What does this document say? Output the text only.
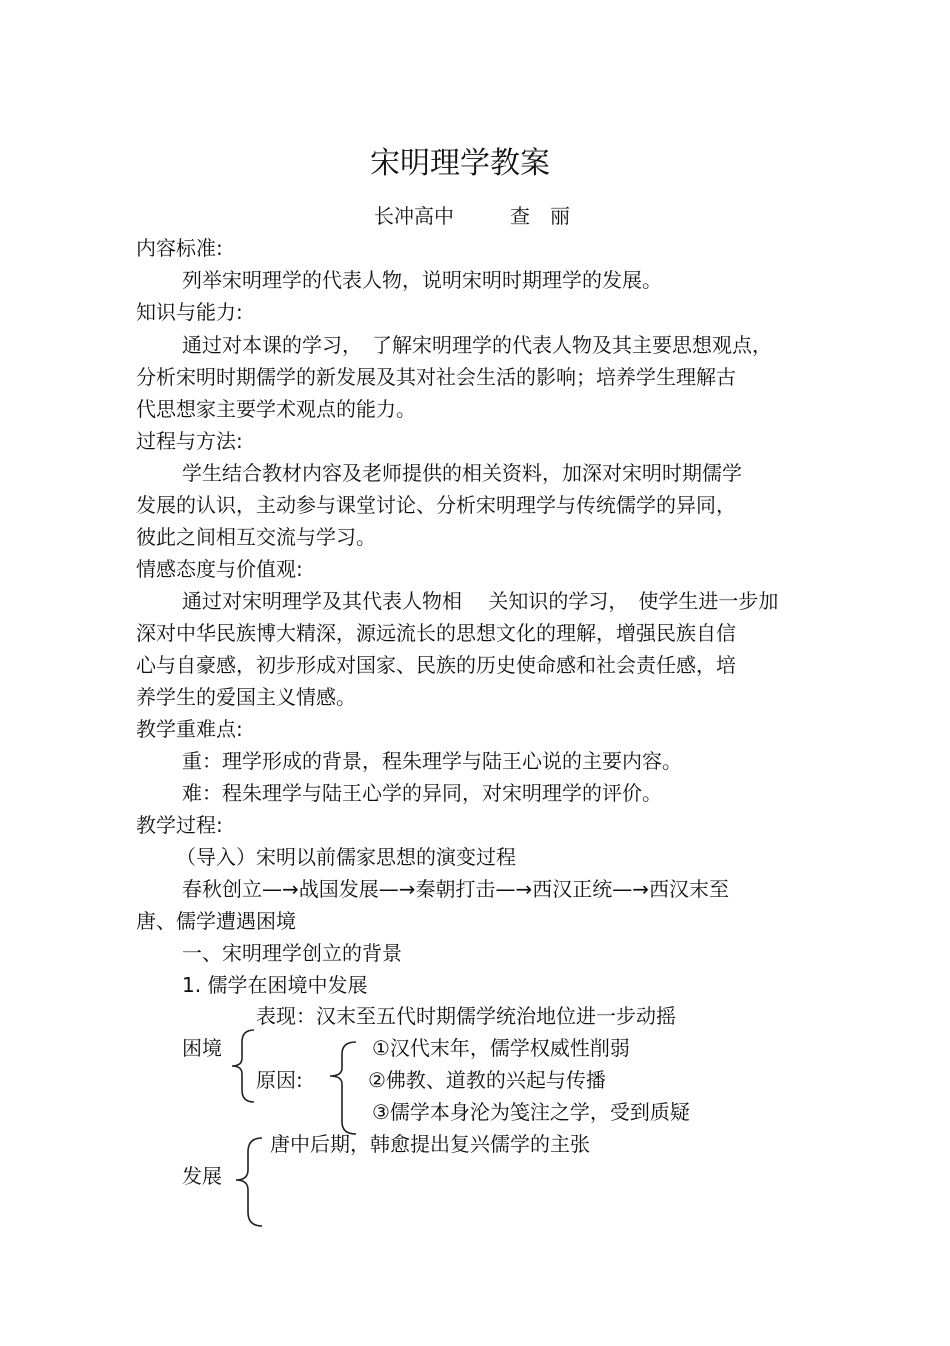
宋明理学教案
长冲高中	查　丽
内容标准:
列举宋明理学的代表人物，说明宋明时期理学的发展。
知识与能力:
通过对本课的学习，　了解宋明理学的代表人物及其主要思想观点，
分析宋明时期儒学的新发展及其对社会生活的影响；培养学生理解古
代思想家主要学术观点的能力。
过程与方法:
学生结合教材内容及老师提供的相关资料，加深对宋明时期儒学
发展的认识，主动参与课堂讨论、分析宋明理学与传统儒学的异同，
彼此之间相互交流与学习。
情感态度与价值观:
通过对宋明理学及其代表人物相　 关知识的学习，　使学生进一步加
深对中华民族博大精深，源远流长的思想文化的理解，增强民族自信
心与自豪感，初步形成对国家、民族的历史使命感和社会责任感，培
养学生的爱国主义情感。
教学重难点:
重：理学形成的背景，程朱理学与陆王心说的主要内容。
难：程朱理学与陆王心学的异同，对宋明理学的评价。
教学过程:
（导入）宋明以前儒家思想的演变过程
春秋创立—→战国发展—→秦朝打击—→西汉正统—→西汉末至
唐、儒学遭遇困境
一、宋明理学创立的背景
1. 儒学在困境中发展
表现：汉末至五代时期儒学统治地位进一步动摇
困境	①汉代末年，儒学权威性削弱
原因:	②佛教、道教的兴起与传播
③儒学本身沦为笺注之学，受到质疑
唐中后期，韩愈提出复兴儒学的主张
发展
